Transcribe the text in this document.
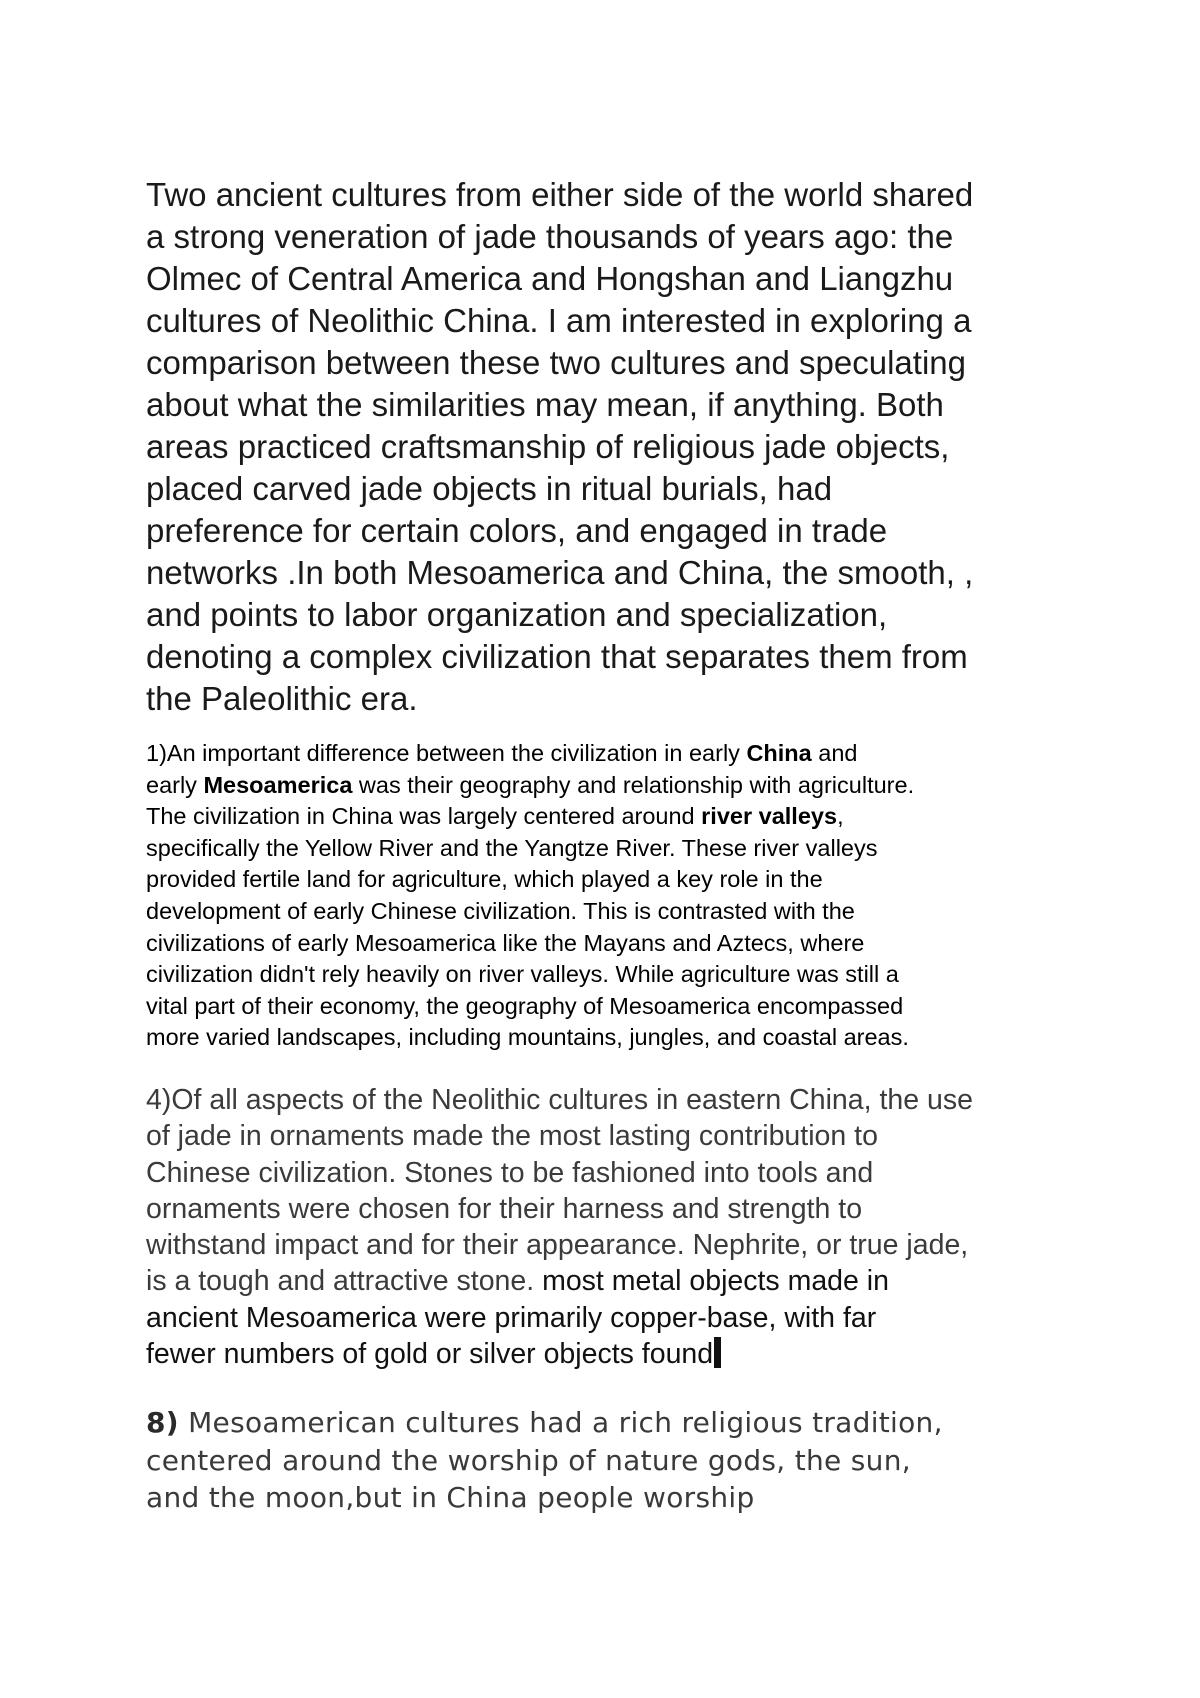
Two ancient cultures from either side of the world shared
a strong veneration of jade thousands of years ago: the
Olmec of Central America and Hongshan and Liangzhu
cultures of Neolithic China. I am interested in exploring a
comparison between these two cultures and speculating
about what the similarities may mean, if anything. Both
areas practiced craftsmanship of religious jade objects,
placed carved jade objects in ritual burials, had
preference for certain colors, and engaged in trade
networks .In both Mesoamerica and China, the smooth, ,
and points to labor organization and specialization,
denoting a complex civilization that separates them from
the Paleolithic era.

1)An important difference between the civilization in early China and
early Mesoamerica was their geography and relationship with agriculture.
The civilization in China was largely centered around river valleys,
specifically the Yellow River and the Yangtze River. These river valleys
provided fertile land for agriculture, which played a key role in the
development of early Chinese civilization. This is contrasted with the
civilizations of early Mesoamerica like the Mayans and Aztecs, where
civilization didn't rely heavily on river valleys. While agriculture was still a
vital part of their economy, the geography of Mesoamerica encompassed
more varied landscapes, including mountains, jungles, and coastal areas.

4)Of all aspects of the Neolithic cultures in eastern China, the use
of jade in ornaments made the most lasting contribution to
Chinese civilization. Stones to be fashioned into tools and
ornaments were chosen for their harness and strength to
withstand impact and for their appearance. Nephrite, or true jade,
is a tough and attractive stone. most metal objects made in
ancient Mesoamerica were primarily copper-base, with far
fewer numbers of gold or silver objects found

8) Mesoamerican cultures had a rich religious tradition,
centered around the worship of nature gods, the sun,
and the moon,but in China people worship
